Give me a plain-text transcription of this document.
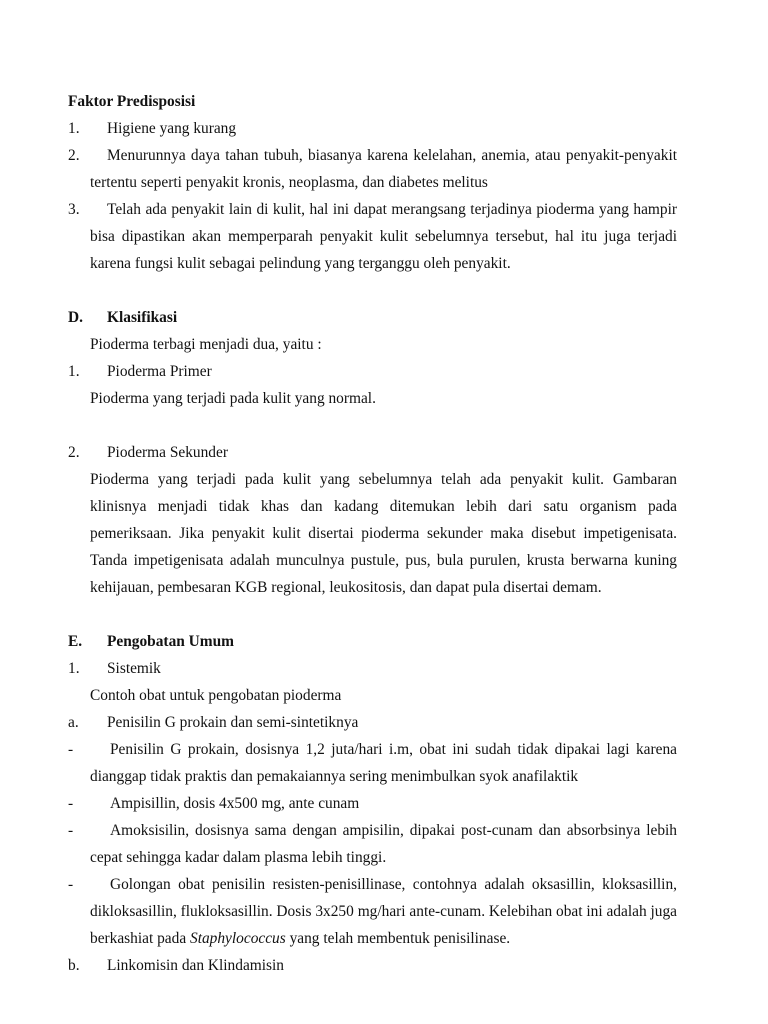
Faktor Predisposisi
1.	Higiene yang kurang
2.	Menurunnya daya tahan tubuh, biasanya karena kelelahan, anemia, atau penyakit-penyakit tertentu seperti penyakit kronis, neoplasma, dan diabetes melitus
3.	Telah ada penyakit lain di kulit, hal ini dapat merangsang terjadinya pioderma yang hampir bisa dipastikan akan memperparah penyakit kulit sebelumnya tersebut, hal itu juga terjadi karena fungsi kulit sebagai pelindung yang terganggu oleh penyakit.
D.	Klasifikasi
Pioderma terbagi menjadi dua, yaitu :
1.	Pioderma Primer
Pioderma yang terjadi pada kulit yang normal.
2.	Pioderma Sekunder
Pioderma yang terjadi pada kulit yang sebelumnya telah ada penyakit kulit. Gambaran klinisnya menjadi tidak khas dan kadang ditemukan lebih dari satu organism pada pemeriksaan. Jika penyakit kulit disertai pioderma sekunder maka disebut impetigenisata. Tanda impetigenisata adalah munculnya pustule, pus, bula purulen, krusta berwarna kuning kehijauan, pembesaran KGB regional, leukositosis, dan dapat pula disertai demam.
E.	Pengobatan Umum
1.	Sistemik
Contoh obat untuk pengobatan pioderma
a.	Penisilin G prokain dan semi-sintetiknya
-	Penisilin G prokain, dosisnya 1,2 juta/hari i.m, obat ini sudah tidak dipakai lagi karena dianggap tidak praktis dan pemakaiannya sering menimbulkan syok anafilaktik
-	Ampisillin, dosis 4x500 mg, ante cunam
-	Amoksisilin, dosisnya sama dengan ampisilin, dipakai post-cunam dan absorbsinya lebih cepat sehingga kadar dalam plasma lebih tinggi.
-	Golongan obat penisilin resisten-penisillinase, contohnya adalah oksasillin, kloksasillin, dikloksasillin, flukloksasillin. Dosis 3x250 mg/hari ante-cunam. Kelebihan obat ini adalah juga berkashiat pada Staphylococcus yang telah membentuk penisilinase.
b.	Linkomisin dan Klindamisin
